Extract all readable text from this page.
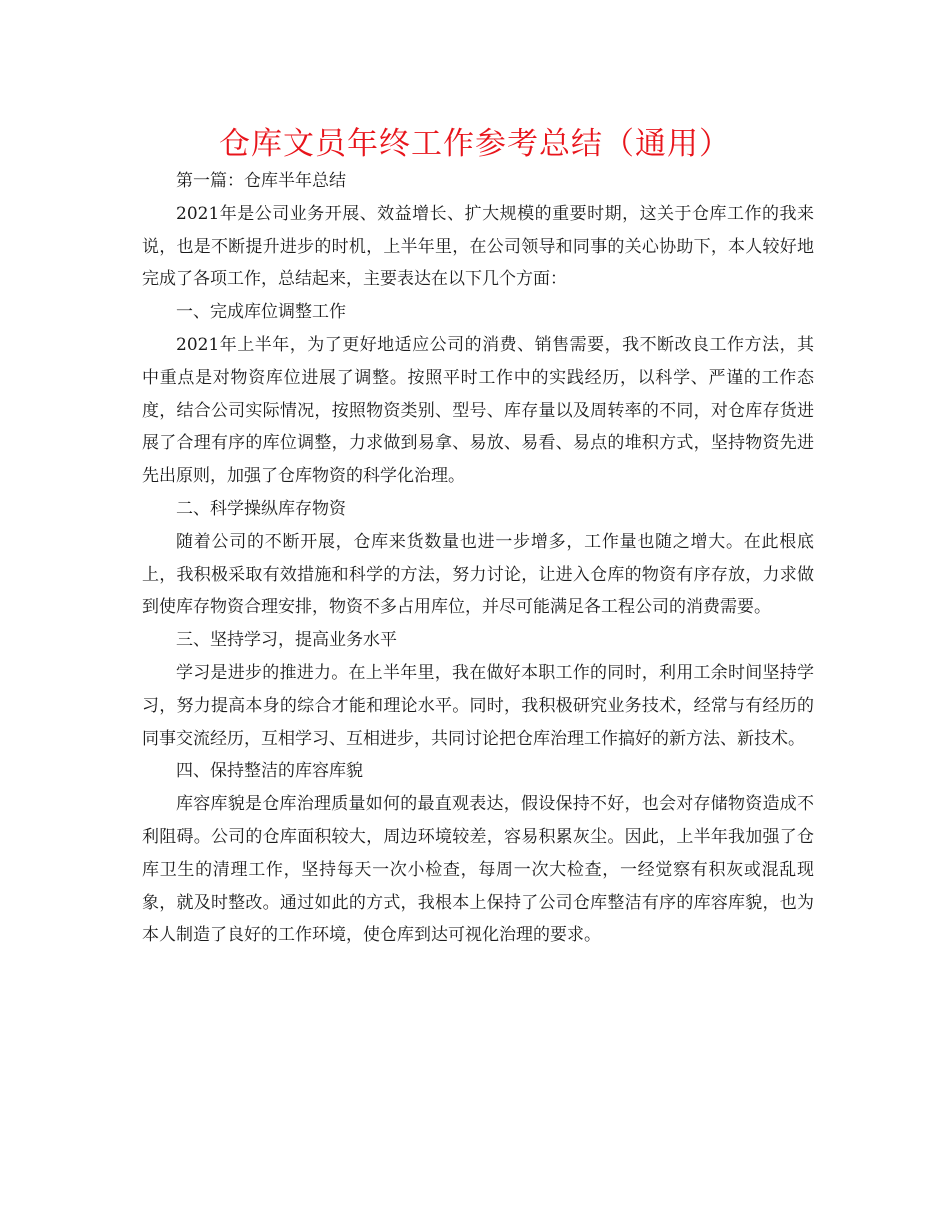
仓库文员年终工作参考总结（通用）

第一篇：仓库半年总结

2021年是公司业务开展、效益增长、扩大规模的重要时期，这关于仓库工作的我来说，也是不断提升进步的时机，上半年里，在公司领导和同事的关心协助下，本人较好地完成了各项工作，总结起来，主要表达在以下几个方面：

一、完成库位调整工作

2021年上半年，为了更好地适应公司的消费、销售需要，我不断改良工作方法，其中重点是对物资库位进展了调整。按照平时工作中的实践经历，以科学、严谨的工作态度，结合公司实际情况，按照物资类别、型号、库存量以及周转率的不同，对仓库存货进展了合理有序的库位调整，力求做到易拿、易放、易看、易点的堆积方式，坚持物资先进先出原则，加强了仓库物资的科学化治理。

二、科学操纵库存物资

随着公司的不断开展，仓库来货数量也进一步增多，工作量也随之增大。在此根底上，我积极采取有效措施和科学的方法，努力讨论，让进入仓库的物资有序存放，力求做到使库存物资合理安排，物资不多占用库位，并尽可能满足各工程公司的消费需要。

三、坚持学习，提高业务水平

学习是进步的推进力。在上半年里，我在做好本职工作的同时，利用工余时间坚持学习，努力提高本身的综合才能和理论水平。同时，我积极研究业务技术，经常与有经历的同事交流经历，互相学习、互相进步，共同讨论把仓库治理工作搞好的新方法、新技术。

四、保持整洁的库容库貌

库容库貌是仓库治理质量如何的最直观表达，假设保持不好，也会对存储物资造成不利阻碍。公司的仓库面积较大，周边环境较差，容易积累灰尘。因此，上半年我加强了仓库卫生的清理工作，坚持每天一次小检查，每周一次大检查，一经觉察有积灰或混乱现象，就及时整改。通过如此的方式，我根本上保持了公司仓库整洁有序的库容库貌，也为本人制造了良好的工作环境，使仓库到达可视化治理的要求。
